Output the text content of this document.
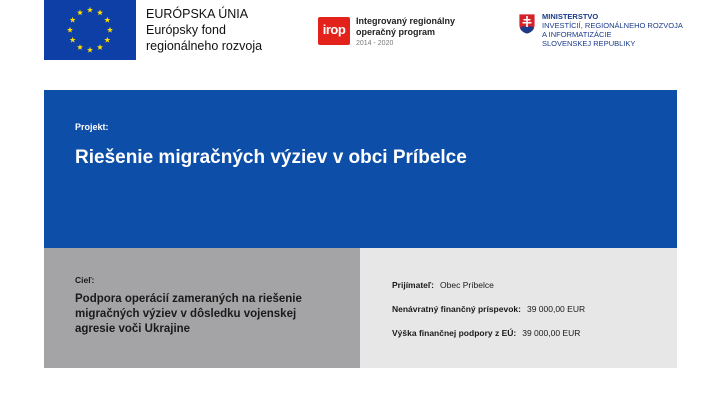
EURÓPSKA ÚNIA
Európsky fond
regionálneho rozvoja
irop
Integrovaný regionálny
operačný program
2014 - 2020
MINISTERSTVO
INVESTÍCIÍ, REGIONÁLNEHO ROZVOJA
A INFORMATIZÁCIE
SLOVENSKEJ REPUBLIKY
Projekt:
Riešenie migračných výziev v obci Príbelce
Cieľ:
Podpora operácií zameraných na riešenie migračných výziev v dôsledku vojenskej agresie voči Ukrajine
Prijímateľ: Obec Príbelce
Nenávratný finančný príspevok: 39 000,00 EUR
Výška finančnej podpory z EÚ: 39 000,00 EUR
